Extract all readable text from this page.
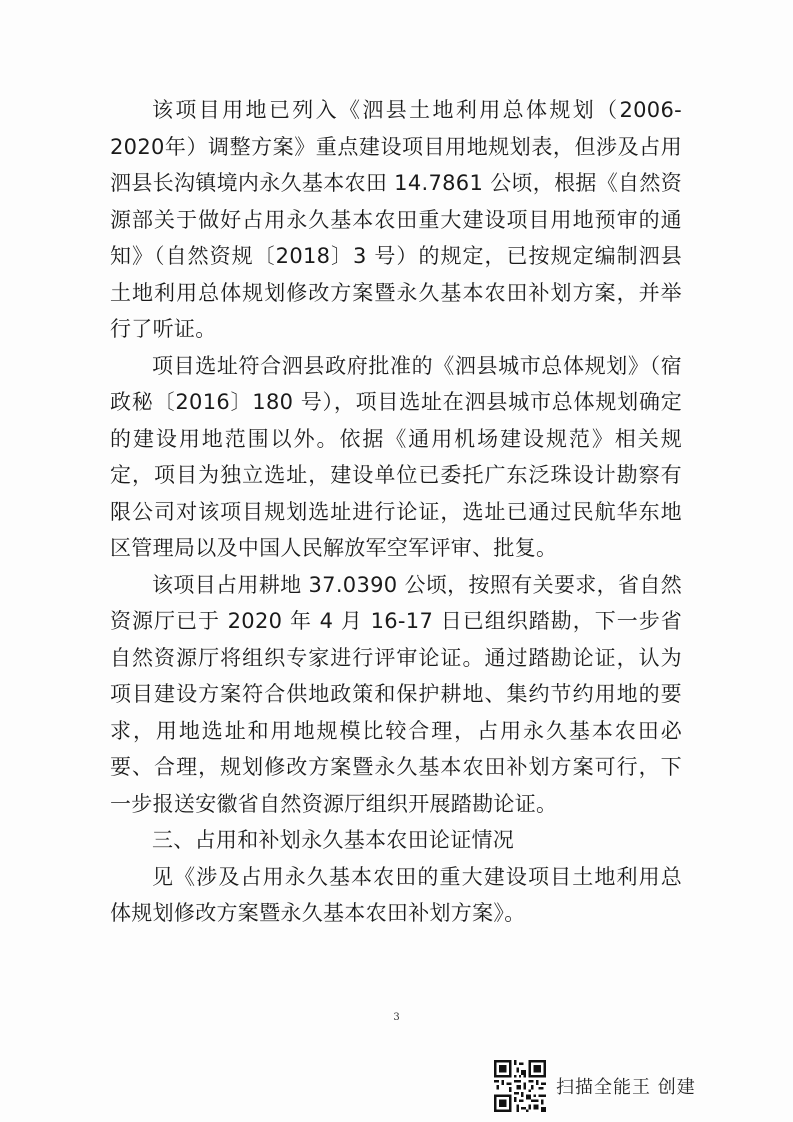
该项目用地已列入《泗县土地利用总体规划（2006-2020年）调整方案》重点建设项目用地规划表，但涉及占用泗县长沟镇境内永久基本农田 14.7861 公顷，根据《自然资源部关于做好占用永久基本农田重大建设项目用地预审的通知》（自然资规〔2018〕3 号）的规定，已按规定编制泗县土地利用总体规划修改方案暨永久基本农田补划方案，并举行了听证。

项目选址符合泗县政府批准的《泗县城市总体规划》（宿政秘〔2016〕180 号），项目选址在泗县城市总体规划确定的建设用地范围以外。依据《通用机场建设规范》相关规定，项目为独立选址，建设单位已委托广东泛珠设计勘察有限公司对该项目规划选址进行论证，选址已通过民航华东地区管理局以及中国人民解放军空军评审、批复。

该项目占用耕地 37.0390 公顷，按照有关要求，省自然资源厅已于 2020 年 4 月 16-17 日已组织踏勘，下一步省自然资源厅将组织专家进行评审论证。通过踏勘论证，认为项目建设方案符合供地政策和保护耕地、集约节约用地的要求，用地选址和用地规模比较合理，占用永久基本农田必要、合理，规划修改方案暨永久基本农田补划方案可行，下一步报送安徽省自然资源厅组织开展踏勘论证。

三、占用和补划永久基本农田论证情况

见《涉及占用永久基本农田的重大建设项目土地利用总体规划修改方案暨永久基本农田补划方案》。

3
扫描全能王 创建
